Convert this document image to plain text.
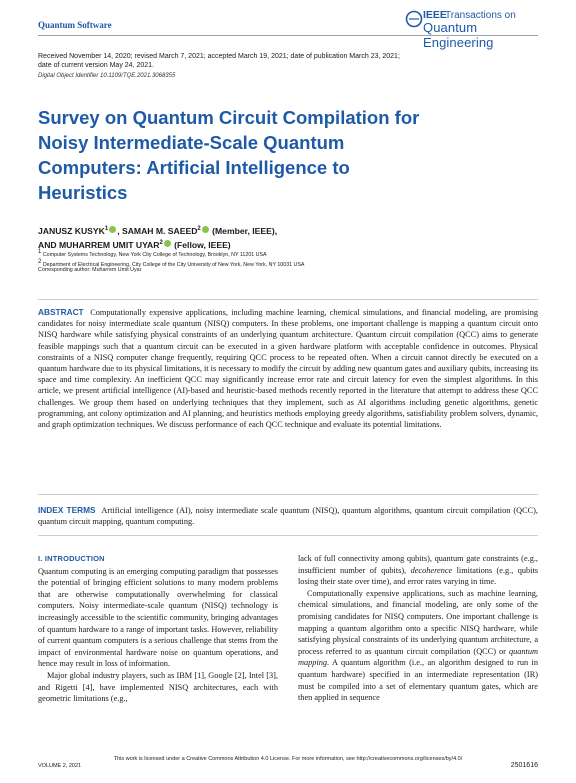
Quantum Software
IEEE
Transactions on
Quantum Engineering
Received November 14, 2020; revised March 7, 2021; accepted March 19, 2021; date of publication March 23, 2021;
date of current version May 24, 2021.
Digital Object Identifier 10.1109/TQE.2021.3068355
Survey on Quantum Circuit Compilation for Noisy Intermediate-Scale Quantum Computers: Artificial Intelligence to Heuristics
JANUSZ KUSYK$^1$ , SAMAH M. SAEED$^2$ (Member, IEEE),
AND MUHARREM UMIT UYAR$^2$ (Fellow, IEEE)
$^1$ Computer Systems Technology, New York City College of Technology, Brooklyn, NY 11201 USA
$^2$ Department of Electrical Engineering, City College of the City University of New York, New York, NY 10031 USA
Corresponding author: Muharrem Umit Uyar
ABSTRACT Computationally expensive applications, including machine learning, chemical simulations, and financial modeling, are promising candidates for noisy intermediate scale quantum (NISQ) computers. In these problems, one important challenge is mapping a quantum circuit onto NISQ hardware while satisfying physical constraints of an underlying quantum architecture. Quantum circuit compilation (QCC) aims to generate feasible mappings such that a quantum circuit can be executed in a given hardware platform with acceptable confidence in outcomes. Physical constraints of a NISQ computer change frequently, requiring QCC process to be repeated often. When a circuit cannot directly be executed on a quantum hardware due to its physical limitations, it is necessary to modify the circuit by adding new quantum gates and auxiliary qubits, increasing its space and time complexity. An inefficient QCC may significantly increase error rate and circuit latency for even the simplest algorithms. In this article, we present artificial intelligence (AI)-based and heuristic-based methods recently reported in the literature that attempt to address these QCC challenges. We group them based on underlying techniques that they implement, such as AI algorithms including genetic algorithms, genetic programming, ant colony optimization and AI planning, and heuristics methods employing greedy algorithms, satisfiability problem solvers, dynamic, and graph optimization techniques. We discuss performance of each QCC technique and evaluate its potential limitations.
INDEX TERMS Artificial intelligence (AI), noisy intermediate scale quantum (NISQ), quantum algorithms, quantum circuit compilation (QCC), quantum circuit mapping, quantum computing.
I. INTRODUCTION

Quantum computing is an emerging computing paradigm that possesses the potential of bringing efficient solutions to many modern problems that are otherwise computationally overwhelming for classical computers. Noisy intermediate-scale quantum (NISQ) technology is increasingly accessible to the scientific community, bringing advantages of quantum hardware to a range of important tasks. However, reliability of current quantum computers is a serious challenge that stems from the impact of environmental hardware noise on quantum operations, and hence may result in loss of information.

Major global industry players, such as IBM [1], Google [2], Intel [3], and Rigetti [4], have implemented NISQ architectures, each with geometric limitations (e.g.,

lack of full connectivity among qubits), quantum gate constraints (e.g., insufficient number of qubits), decoherence limitations (e.g., qubits losing their state over time), and error rates varying in time.

Computationally expensive applications, such as machine learning, chemical simulations, and financial modeling, are only some of the promising candidates for NISQ computers. One important challenge is mapping a quantum algorithm onto a specific NISQ hardware, while satisfying physical constraints of its underlying quantum architecture, a process referred to as quantum circuit compilation (QCC) or quantum mapping. A quantum algorithm (i.e., an algorithm designed to run in quantum hardware) specified in an intermediate representation (IR) must be compiled into a set of elementary quantum gates, which are then applied in sequence

VOLUME 2, 2021
This work is licensed under a Creative Commons Attribution 4.0 License. For more information, see http://creativecommons.org/licenses/by/4.0/
2501616
